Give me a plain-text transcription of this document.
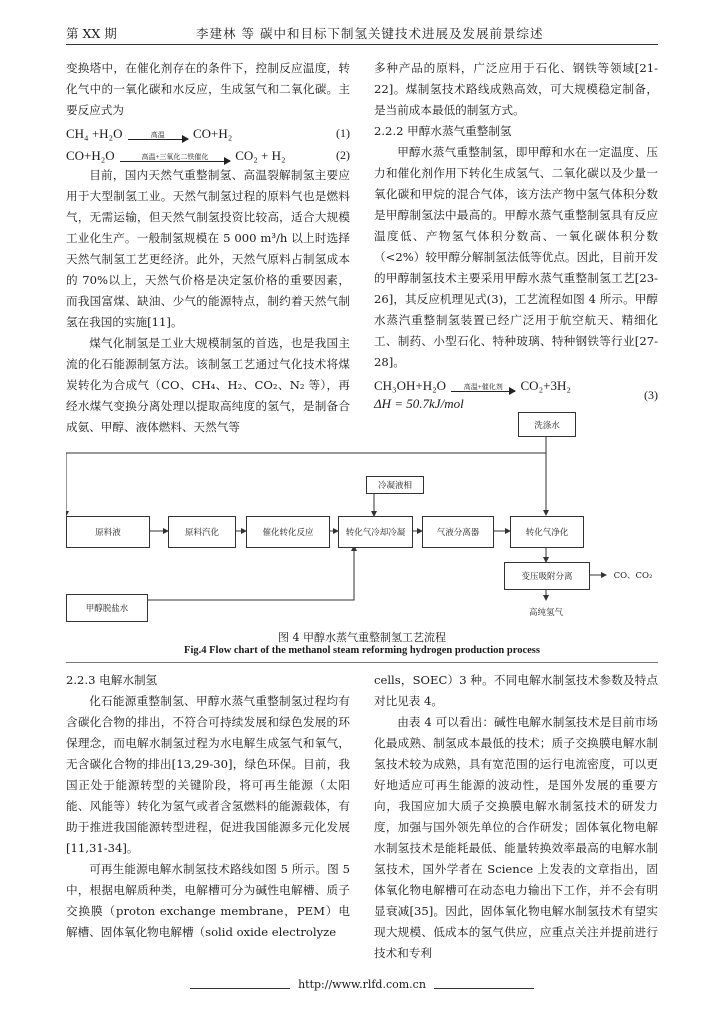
第 XX 期	李建林 等 碳中和目标下制氢关键技术进展及发展前景综述

变换塔中，在催化剂存在的条件下，控制反应温度，转化气中的一氧化碳和水反应，生成氢气和二氧化碳。主要反应式为

CH₄ +H₂O	高温	CO+H₂	(1)
CO+H₂O	高温+三氧化二铁催化	CO₂ + H₂	(2)

目前，国内天然气重整制氢、高温裂解制氢主要应用于大型制氢工业。天然气制氢过程的原料气也是燃料气，无需运输，但天然气制氢投资比较高，适合大规模工业化生产。一般制氢规模在 5 000 m³/h 以上时选择天然气制氢工艺更经济。此外，天然气原料占制氢成本的 70%以上，天然气价格是决定氢价格的重要因素，而我国富煤、缺油、少气的能源特点，制约着天然气制氢在我国的实施[11]。

煤气化制氢是工业大规模制氢的首选，也是我国主流的化石能源制氢方法。该制氢工艺通过气化技术将煤炭转化为合成气（CO、CH₄、H₂、CO₂、N₂ 等），再经水煤气变换分离处理以提取高纯度的氢气，是制备合成氨、甲醇、液体燃料、天然气等

多种产品的原料，广泛应用于石化、钢铁等领域[21-22]。煤制氢技术路线成熟高效，可大规模稳定制备，是当前成本最低的制氢方式。

2.2.2 甲醇水蒸气重整制氢

甲醇水蒸气重整制氢，即甲醇和水在一定温度、压力和催化剂作用下转化生成氢气、二氧化碳以及少量一氧化碳和甲烷的混合气体，该方法产物中氢气体积分数是甲醇制氢法中最高的。甲醇水蒸气重整制氢具有反应温度低、产物氢气体积分数高、一氧化碳体积分数（<2%）较甲醇分解制氢法低等优点。因此，目前开发的甲醇制氢技术主要采用甲醇水蒸气重整制氢工艺[23-26]，其反应机理见式(3)，工艺流程如图 4 所示。甲醇水蒸汽重整制氢装置已经广泛用于航空航天、精细化工、制药、小型石化、特种玻璃、特种钢铁等行业[27-28]。

CH₃OH+H₂O	高温+催化剂	CO₂+3H₂
ΔH = 50.7kJ/mol
(3)
原料液	原料汽化	催化转化反应	转化气冷却冷凝	气液分离器	转化气净化
变压吸附分离
洗涤水
冷凝液相
甲醇脱盐水	高纯氢气
CO、CO₂
图 4 甲醇水蒸气重整制氢工艺流程
Fig.4 Flow chart of the methanol steam reforming hydrogen production process

2.2.3 电解水制氢

化石能源重整制氢、甲醇水蒸气重整制氢过程均有含碳化合物的排出，不符合可持续发展和绿色发展的环保理念，而电解水制氢过程为水电解生成氢气和氧气，无含碳化合物的排出[13,29-30]，绿色环保。目前，我国正处于能源转型的关键阶段，将可再生能源（太阳能、风能等）转化为氢气或者含氢燃料的能源载体，有助于推进我国能源转型进程，促进我国能源多元化发展[11,31-34]。

可再生能源电解水制氢技术路线如图 5 所示。图 5 中，根据电解质种类，电解槽可分为碱性电解槽、质子交换膜（proton exchange membrane，PEM）电解槽、固体氧化物电解槽（solid oxide electrolyze

cells，SOEC）3 种。不同电解水制氢技术参数及特点对比见表 4。

由表 4 可以看出：碱性电解水制氢技术是目前市场化最成熟、制氢成本最低的技术；质子交换膜电解水制氢技术较为成熟，具有宽范围的运行电流密度，可以更好地适应可再生能源的波动性，是国外发展的重要方向，我国应加大质子交换膜电解水制氢技术的研发力度，加强与国外领先单位的合作研发；固体氧化物电解水制氢技术是能耗最低、能量转换效率最高的电解水制氢技术，国外学者在 Science 上发表的文章指出，固体氧化物电解槽可在动态电力输出下工作，并不会有明显衰减[35]。因此，固体氧化物电解水制氢技术有望实现大规模、低成本的氢气供应，应重点关注并提前进行技术和专利

http://www.rlfd.com.cn
